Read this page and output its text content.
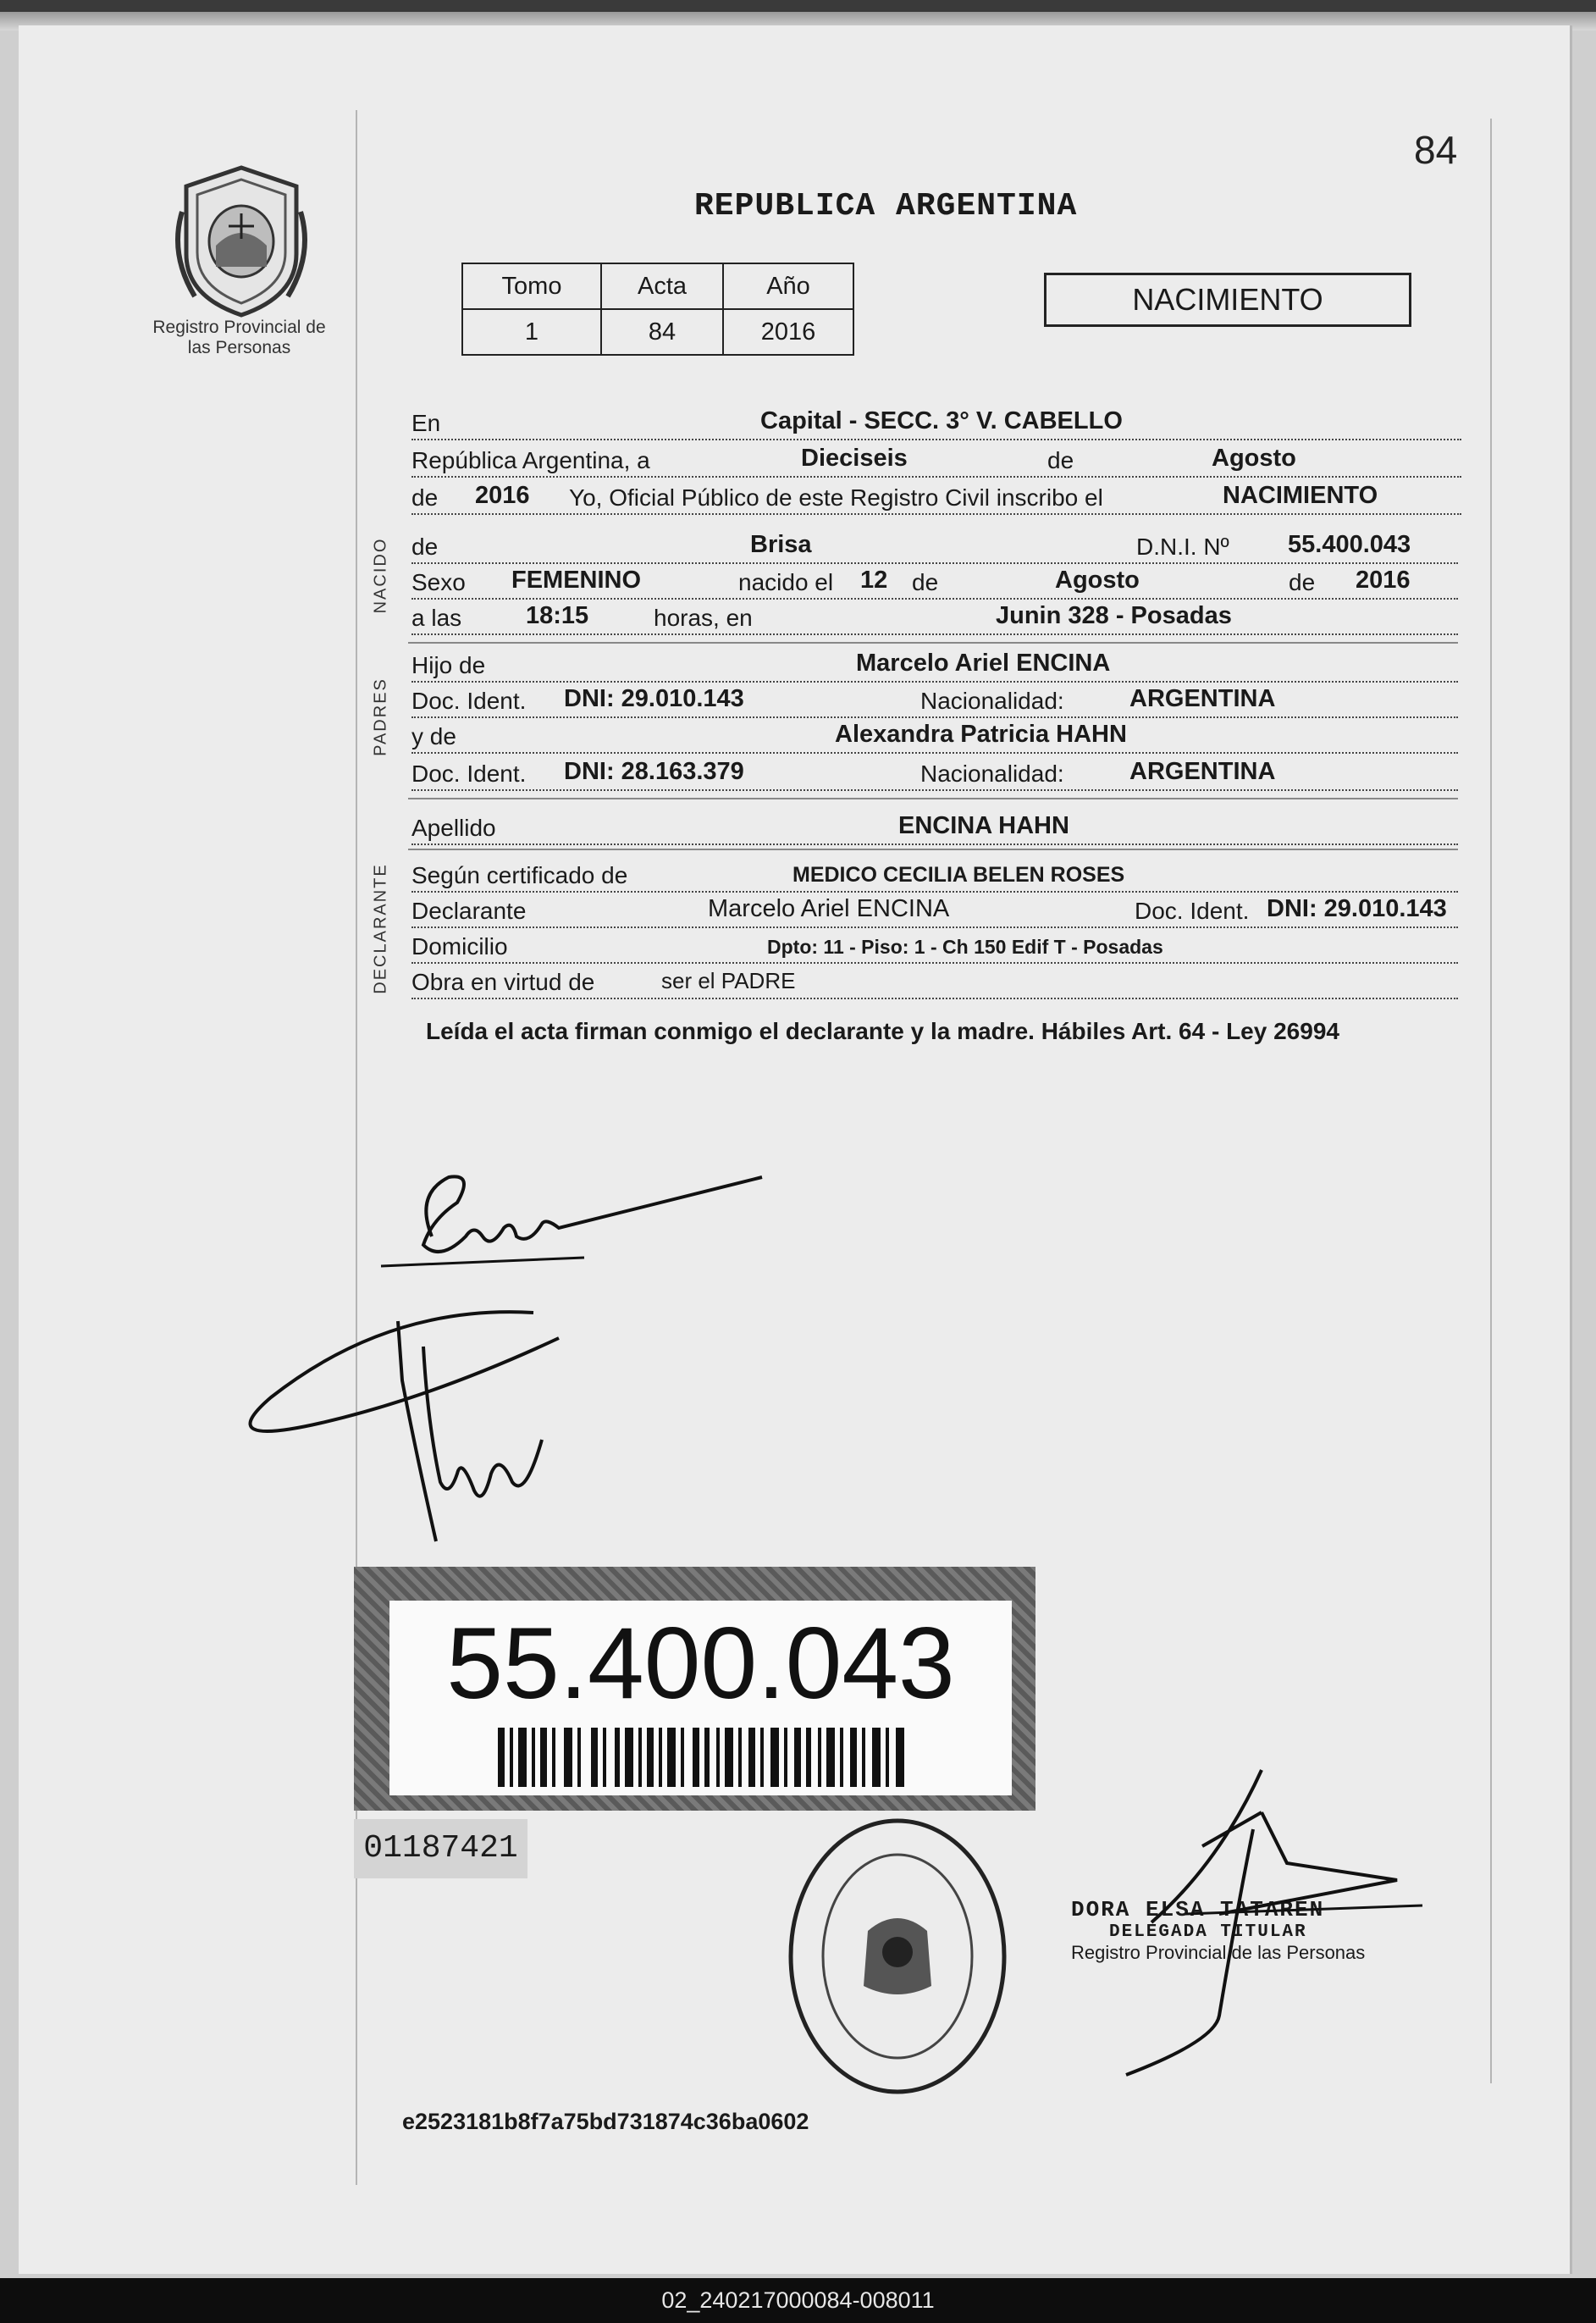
Registro Provincial de las Personas
84
REPUBLICA ARGENTINA
Tomo	Acta	Año
1	84	2016
NACIMIENTO
En	Capital - SECC. 3° V. CABELLO
República Argentina, a	Dieciseis	de	Agosto
de 2016 Yo, Oficial Público de este Registro Civil inscribo el	NACIMIENTO
NACIDO de	Brisa	D.N.I. Nº 55.400.043
Sexo FEMENINO	nacido el 12 de	Agosto	de 2016
a las	18:15	horas, en	Junin 328 - Posadas
PADRES
Hijo de	Marcelo Ariel ENCINA
Doc. Ident. DNI: 29.010.143	Nacionalidad:	ARGENTINA
y de	Alexandra Patricia HAHN
Doc. Ident. DNI: 28.163.379	Nacionalidad:	ARGENTINA
Apellido	ENCINA HAHN
DECLARANTE Según certificado de	MEDICO CECILIA BELEN ROSES
Declarante	Marcelo Ariel ENCINA	Doc. Ident. DNI: 29.010.143
Domicilio	Dpto: 11 - Piso: 1 - Ch 150 Edif T - Posadas
Obra en virtud de	ser el PADRE
Leída el acta firman conmigo el declarante y la madre. Hábiles Art. 64 - Ley 26994
55.400.043
01187421
DORA ELSA TATAREN
DELEGADA TITULAR
Registro Provincial de las Personas
e2523181b8f7a75bd731874c36ba0602
02_240217000084-008011
